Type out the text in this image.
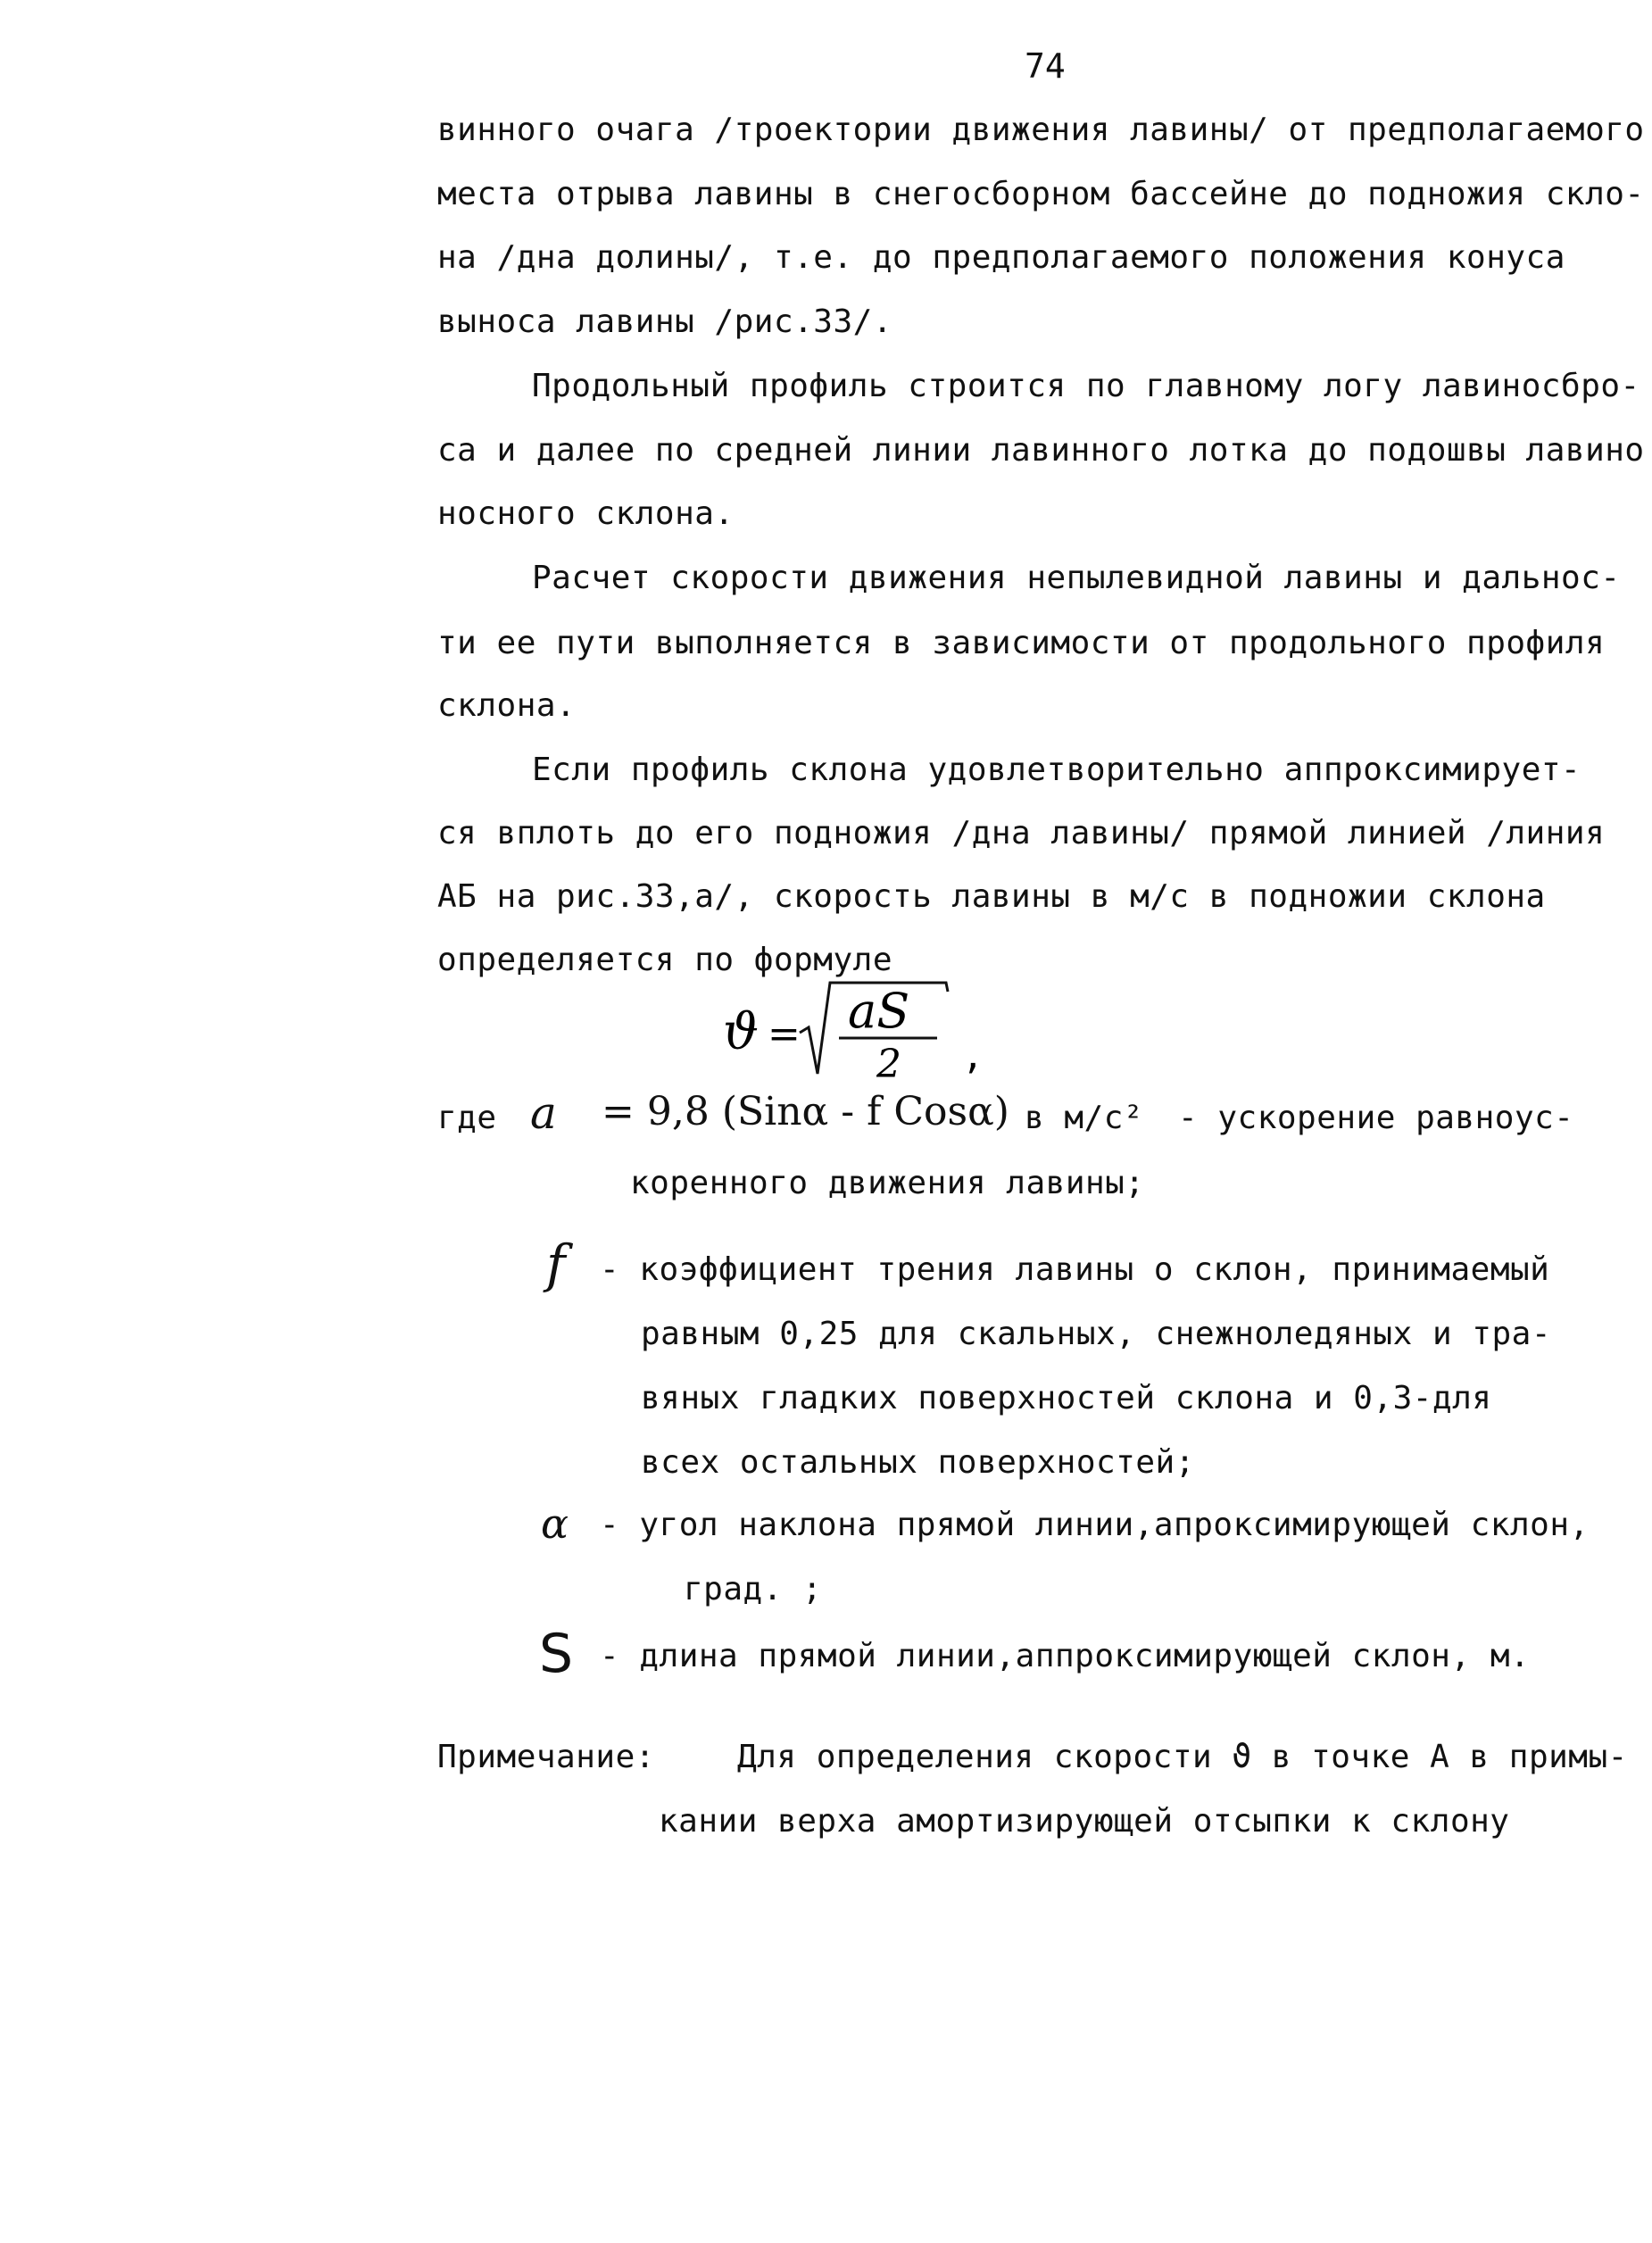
74
винного очага /троектории движения лавины/ от предполагаемого
места отрыва лавины в снегосборном бассейне до подножия скло-
на /дна долины/, т.е. до предполагаемого положения конуса
выноса лавины /рис.33/.
Продольный профиль строится по главному логу лавиносбро-
са и далее по средней линии лавинного лотка до подошвы лавино
носного склона.
Расчет скорости движения непылевидной лавины и дальнос-
ти ее пути выполняется в зависимости от продольного профиля
склона.
Если профиль склона удовлетворительно аппроксимирует-
ся вплоть до его подножия /дна лавины/ прямой линией /линия
АБ на рис.33,а/, скорость лавины в м/с в подножии склона
определяется по формуле
ϑ = aS
2 ,
где a = 9,8 (Sinα - f Cosα) в м/с² - ускорение равноус-
коренного движения лавины;
f - коэффициент трения лавины о склон, принимаемый
равным 0,25 для скальных, снежноледяных и тра-
вяных гладких поверхностей склона и 0,3-для
всех остальных поверхностей;
α - угол наклона прямой линии,апроксимирующей склон,
град. ;
S - длина прямой линии,аппроксимирующей склон, м.
Примечание:	Для определения скорости ϑ в точке А в примы-
кании верха амортизирующей отсыпки к склону
